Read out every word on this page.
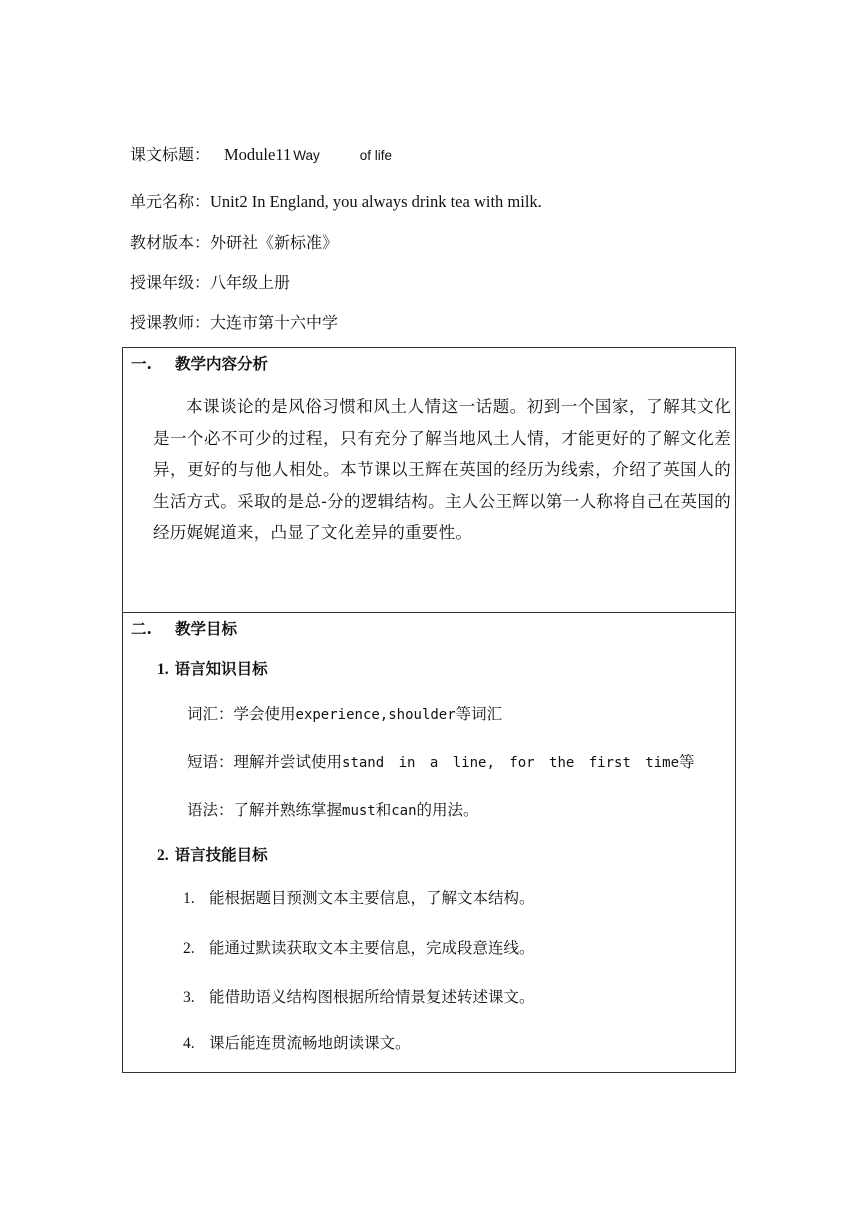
课文标题： Module11 Way	of life
单元名称：Unit2 In England, you always drink tea with milk.
教材版本：外研社《新标准》
授课年级：八年级上册
授课教师：大连市第十六中学
一. 教学内容分析
本课谈论的是风俗习惯和风土人情这一话题。初到一个国家，了解其文化是一个必不可少的过程，只有充分了解当地风土人情，才能更好的了解文化差异，更好的与他人相处。本节课以王辉在英国的经历为线索，介绍了英国人的生活方式。采取的是总-分的逻辑结构。主人公王辉以第一人称将自己在英国的经历娓娓道来，凸显了文化差异的重要性。
二. 教学目标
1. 语言知识目标
词汇：学会使用experience,shoulder等词汇
短语：理解并尝试使用stand in a line, for the first time等
语法：了解并熟练掌握must和can的用法。
2. 语言技能目标
1. 能根据题目预测文本主要信息，了解文本结构。
2. 能通过默读获取文本主要信息，完成段意连线。
3. 能借助语义结构图根据所给情景复述转述课文。
4. 课后能连贯流畅地朗读课文。
